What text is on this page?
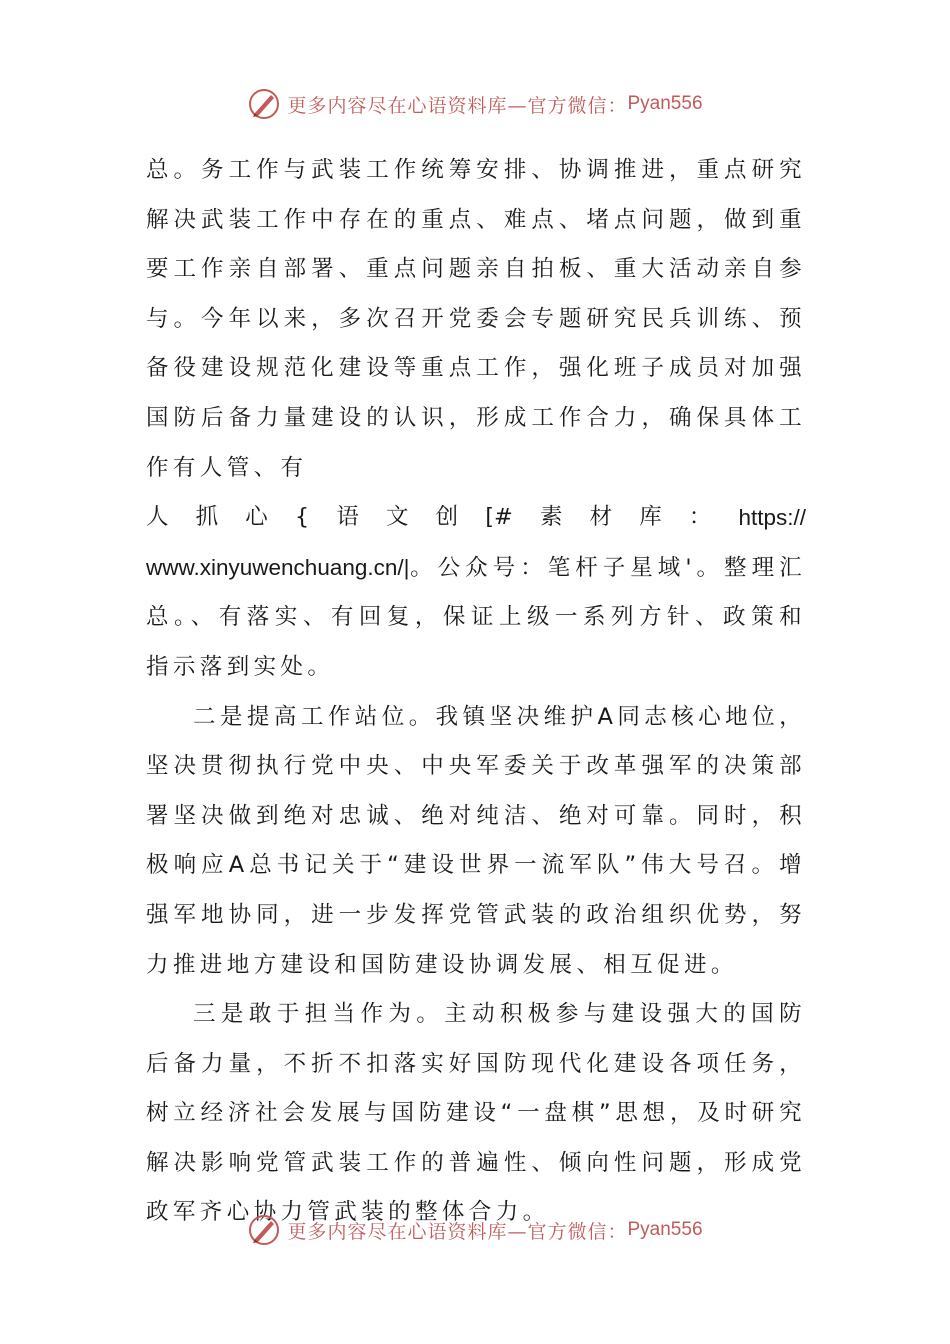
更多内容尽在心语资料库—官方微信： Pyan556

总。务工作与武装工作统筹安排、协调推进，重点研究解决武装工作中存在的重点、难点、堵点问题，做到重要工作亲自部署、重点问题亲自拍板、重大活动亲自参与。今年以来，多次召开党委会专题研究民兵训练、预备役建设规范化建设等重点工作，强化班子成员对加强国防后备力量建设的认识，形成工作合力，确保具体工作有人管、有

人 抓 心 { 语 文 创 [# 素 材 库 ： https://

www.xinyuwenchuang.cn/|。公众号：笔杆子星域'。整理汇总。、有落实、有回复，保证上级一系列方针、政策和指示落到实处。

二是提高工作站位。我镇坚决维护A同志核心地位，坚决贯彻执行党中央、中央军委关于改革强军的决策部署坚决做到绝对忠诚、绝对纯洁、绝对可靠。同时，积极响应A总书记关于“建设世界一流军队”伟大号召。增强军地协同，进一步发挥党管武装的政治组织优势，努力推进地方建设和国防建设协调发展、相互促进。

三是敢于担当作为。主动积极参与建设强大的国防后备力量，不折不扣落实好国防现代化建设各项任务，树立经济社会发展与国防建设“一盘棋”思想，及时研究解决影响党管武装工作的普遍性、倾向性问题，形成党政军齐心协力管武装的整体合力。

更多内容尽在心语资料库—官方微信： Pyan556
